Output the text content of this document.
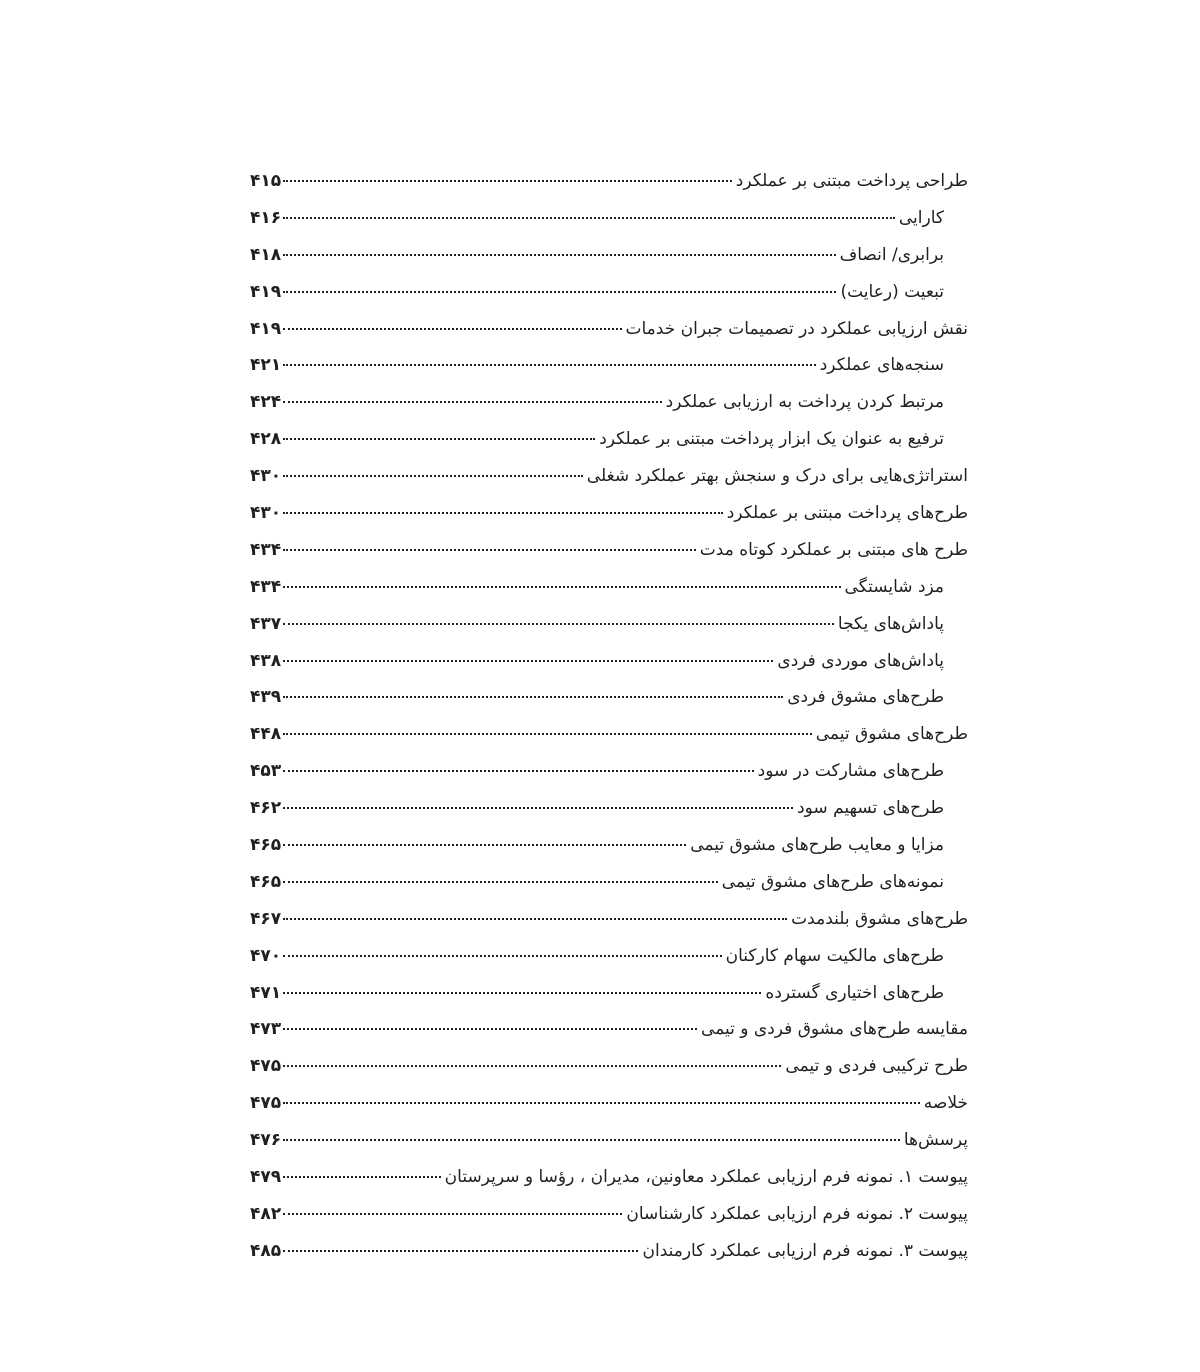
طراحی پرداخت مبتنی بر عملکرد
۴۱۵
کارایی
۴۱۶
برابری/ انصاف
۴۱۸
تبعیت (رعایت)
۴۱۹
نقش ارزیابی عملکرد در تصمیمات جبران خدمات
۴۱۹
سنجه‌های عملکرد
۴۲۱
مرتبط کردن پرداخت به ارزیابی عملکرد
۴۲۴
ترفیع به عنوان یک ابزار پرداخت مبتنی بر عملکرد
۴۲۸
استراتژی‌هایی برای درک و سنجش بهتر عملکرد شغلی
۴۳۰
طرح‌های پرداخت مبتنی بر عملکرد
۴۳۰
طرح های مبتنی بر عملکرد کوتاه مدت
۴۳۴
مزد شایستگی
۴۳۴
پاداش‌های یکجا
۴۳۷
پاداش‌های موردی فردی
۴۳۸
طرح‌های مشوق فردی
۴۳۹
طرح‌های مشوق تیمی
۴۴۸
طرح‌های مشارکت در سود
۴۵۳
طرح‌های تسهیم سود
۴۶۲
مزایا و معایب طرح‌های مشوق تیمی
۴۶۵
نمونه‌های طرح‌های مشوق تیمی
۴۶۵
طرح‌های مشوق بلندمدت
۴۶۷
طرح‌های مالکیت سهام کارکنان
۴۷۰
طرح‌های اختیاری گسترده
۴۷۱
مقایسه طرح‌های مشوق فردی و تیمی
۴۷۳
طرح ترکیبی فردی و تیمی
۴۷۵
خلاصه
۴۷۵
پرسش‌ها
۴۷۶
پیوست ۱. نمونه فرم ارزیابی عملکرد معاونین، مدیران ، رؤسا و سرپرستان
۴۷۹
پیوست ۲. نمونه فرم ارزیابی عملکرد کارشناسان
۴۸۲
پیوست ۳. نمونه فرم ارزیابی عملکرد کارمندان
۴۸۵
